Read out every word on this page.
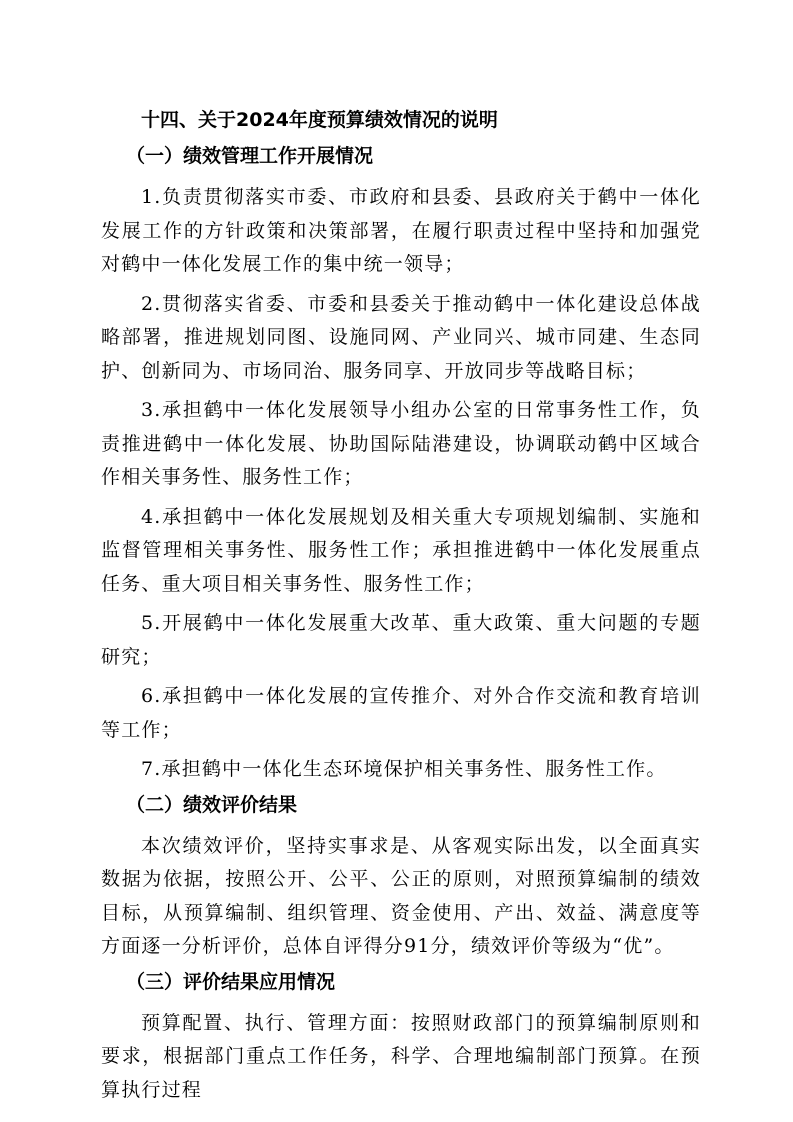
十四、关于2024年度预算绩效情况的说明
（一）绩效管理工作开展情况

1.负责贯彻落实市委、市政府和县委、县政府关于鹤中一体化发展工作的方针政策和决策部署，在履行职责过程中坚持和加强党对鹤中一体化发展工作的集中统一领导；

2.贯彻落实省委、市委和县委关于推动鹤中一体化建设总体战略部署，推进规划同图、设施同网、产业同兴、城市同建、生态同护、创新同为、市场同治、服务同享、开放同步等战略目标；

3.承担鹤中一体化发展领导小组办公室的日常事务性工作，负责推进鹤中一体化发展、协助国际陆港建设，协调联动鹤中区域合作相关事务性、服务性工作；

4.承担鹤中一体化发展规划及相关重大专项规划编制、实施和监督管理相关事务性、服务性工作；承担推进鹤中一体化发展重点任务、重大项目相关事务性、服务性工作；

5.开展鹤中一体化发展重大改革、重大政策、重大问题的专题研究；

6.承担鹤中一体化发展的宣传推介、对外合作交流和教育培训等工作；

7.承担鹤中一体化生态环境保护相关事务性、服务性工作。

（二）绩效评价结果

本次绩效评价，坚持实事求是、从客观实际出发，以全面真实数据为依据，按照公开、公平、公正的原则，对照预算编制的绩效目标，从预算编制、组织管理、资金使用、产出、效益、满意度等方面逐一分析评价，总体自评得分91分，绩效评价等级为“优”。

（三）评价结果应用情况

预算配置、执行、管理方面：按照财政部门的预算编制原则和要求，根据部门重点工作任务，科学、合理地编制部门预算。在预算执行过程
